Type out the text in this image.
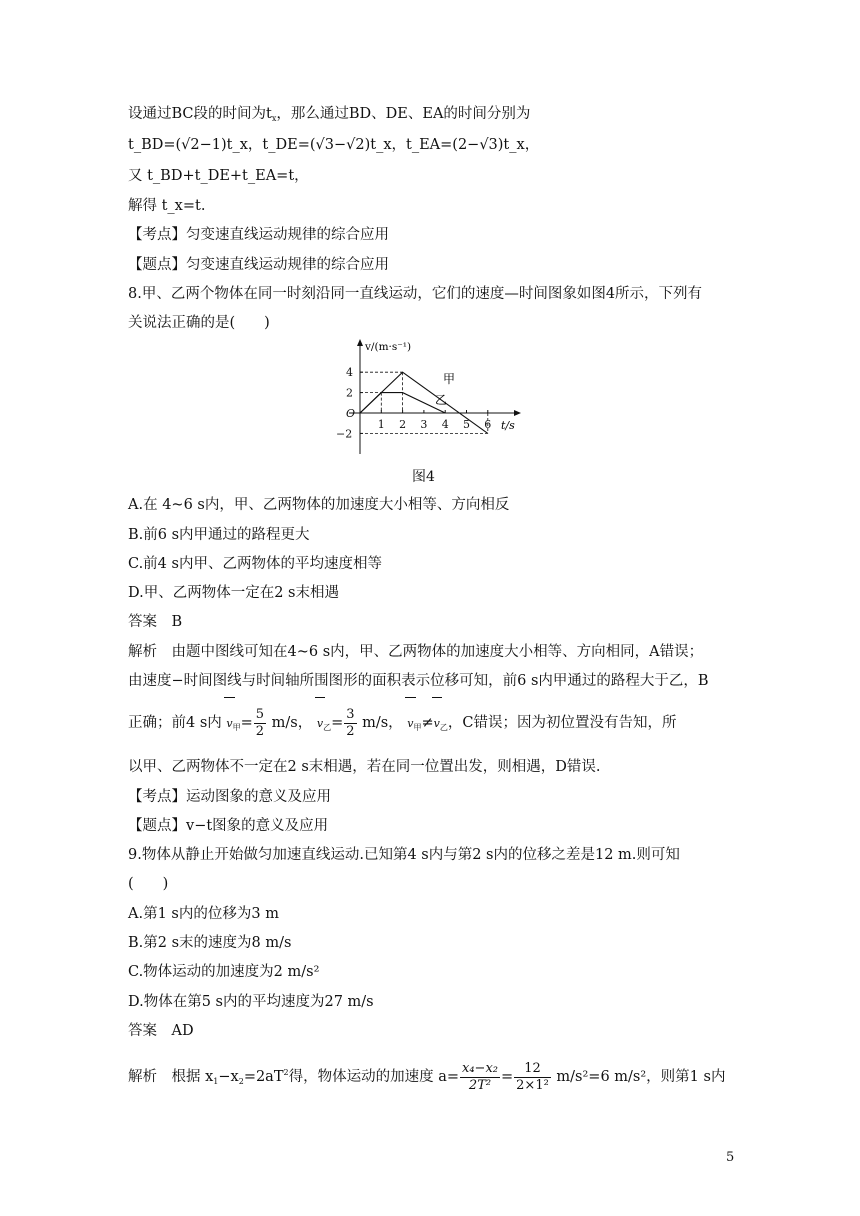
设通过BC段的时间为$t_x$，那么通过BD、DE、EA的时间分别为
t_BD=(√2−1)t_x，t_DE=(√3−√2)t_x，t_EA=(2−√3)t_x，
又 t_BD+t_DE+t_EA=t，
解得 t_x=t.
【考点】匀变速直线运动规律的综合应用
【题点】匀变速直线运动规律的综合应用
8.甲、乙两个物体在同一时刻沿同一直线运动，它们的速度—时间图象如图4所示，下列有
关说法正确的是(　　)
1 2 3 4 5 6
4
2
O
−2
v/(m·s⁻¹)
t/s
甲
乙
图4
A.在 4~6 s内，甲、乙两物体的加速度大小相等、方向相反
B.前6 s内甲通过的路程更大
C.前4 s内甲、乙两物体的平均速度相等
D.甲、乙两物体一定在2 s末相遇
答案　B
解析　由题中图线可知在4~6 s内，甲、乙两物体的加速度大小相等、方向相同，A错误；
由速度−时间图线与时间轴所围图形的面积表示位移可知，前6 s内甲通过的路程大于乙，B
正确；前4 s内 $v_甲= \frac{5}{2} m/s$， $v_乙= \frac{3}{2} m/s$， $v_甲\ne v_乙$，C错误；因为初位置没有告知，所
以甲、乙两物体不一定在2 s末相遇，若在同一位置出发，则相遇，D错误.
【考点】运动图象的意义及应用
【题点】v−t图象的意义及应用
9.物体从静止开始做匀加速直线运动.已知第4 s内与第2 s内的位移之差是12 m.则可知
(　　)
A.第1 s内的位移为3 m
B.第2 s末的速度为8 m/s
C.物体运动的加速度为2 m/s²
D.物体在第5 s内的平均速度为27 m/s
答案　AD
解析　根据 $x_1-x_2=2aT^2$得，物体运动的加速度 $a= \frac{\text{x₄−x₂}}{\text{2T²}} = \frac{12}{\text{2×1²}} m/s^2=6$ m/s²，则第1 s内
5
